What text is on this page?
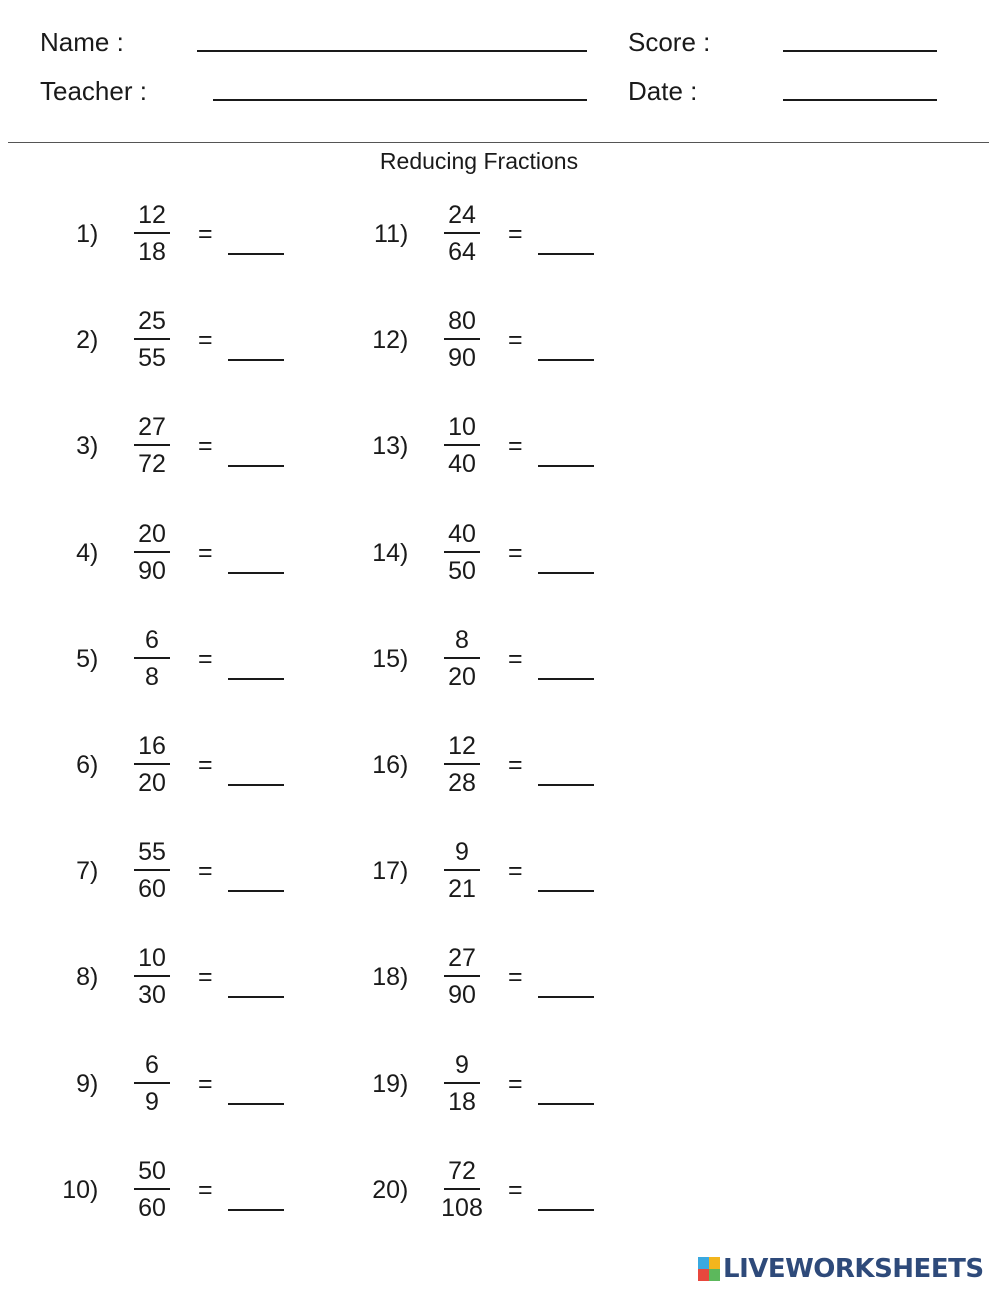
Name :	Score :
Teacher :	Date :
Reducing Fractions
1 )
12
18
=
2 )
25
55
=
3 )
27
72
=
4 )
20
90
=
5 )
6
8
=
6 )
16
20
=
7 )
55
60
=
8 )
10
30
=
9 )
6
9
=
10 )
50
60
=
11 )
24
64
=
12 )
80
90
=
13 )
10
40
=
14 )
40
50
=
15 )
8
20
=
16 )
12
28
=
17 )
9
21
=
18 )
27
90
=
19 )
9
18
=
20 )
72
108
=
LIVEWORKSHEETS
